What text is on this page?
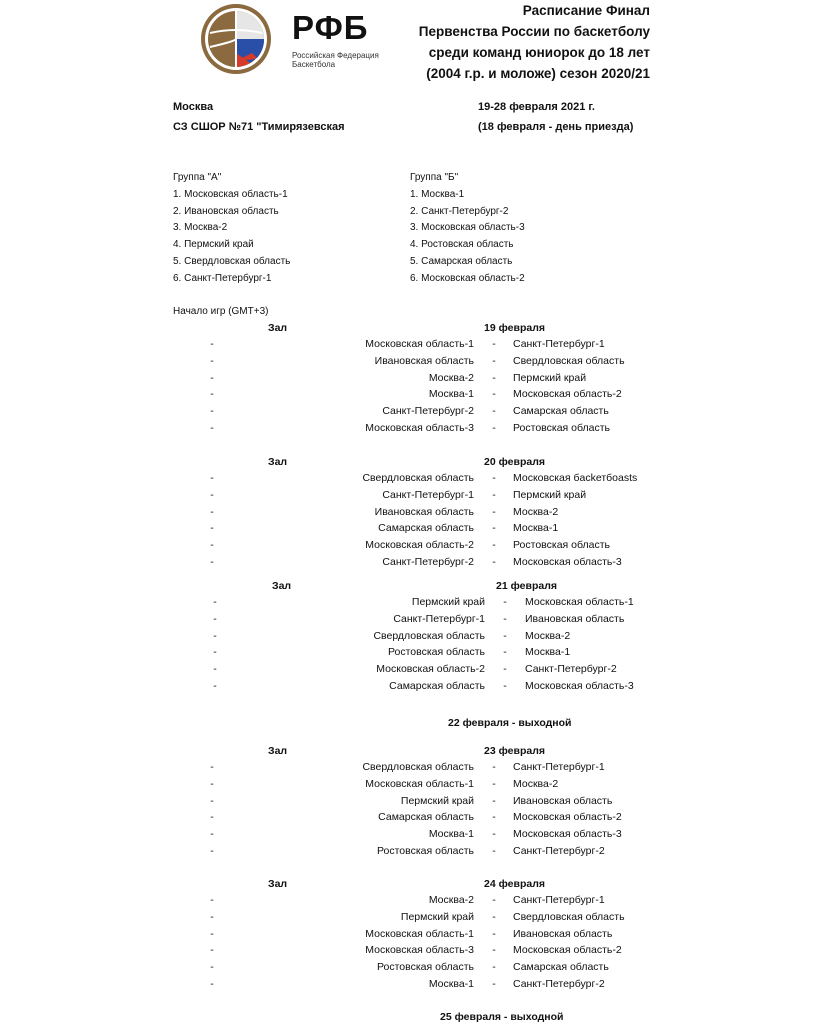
РФБ
Российская Федерация Баскетбола
Расписание Финал
Первенства России по баскетболу
среди команд юниорок до 18 лет
(2004 г.р. и моложе) сезон 2020/21
Москва
СЗ СШОР №71 "Тимирязевская
19-28 февраля 2021 г.
(18 февраля - день приезда)
Группа "А"
1. Московская область-1
2. Ивановская область
3. Москва-2
4. Пермский край
5. Свердловская область
6. Санкт-Петербург-1
Группа "Б"
1. Москва-1
2. Санкт-Петербург-2
3. Московская область-3
4. Ростовская область
5. Самарская область
6. Московская область-2
Начало игр (GMT+3)
Зал	19 февраля
-	Московская область-1	-	Санкт-Петербург-1
-	Ивановская область	-	Свердловская область
-	Москва-2	-	Пермский край
-	Москва-1	-	Московская область-2
-	Санкт-Петербург-2	-	Самарская область
-	Московская область-3	-	Ростовская область
Зал	20 февраля
-	Свердловская область	-	Московская бaсkетбоasts
-	Санкт-Петербург-1	-	Пермский край
-	Ивановская область	-	Москва-2
-	Самарская область	-	Москва-1
-	Московская область-2	-	Ростовская область
-	Санкт-Петербург-2	-	Московская область-3
Зал	21 февраля
-	Пермский край	-	Московская область-1
-	Санкт-Петербург-1	-	Ивановская область
-	Свердловская область	-	Москва-2
-	Ростовская область	-	Москва-1
-	Московская область-2	-	Санкт-Петербург-2
-	Самарская область	-	Московская область-3
Зал	23 февраля
-	Свердловская область	-	Санкт-Петербург-1
-	Московская область-1	-	Москва-2
-	Пермский край	-	Ивановская область
-	Самарская область	-	Московская область-2
-	Москва-1	-	Московская область-3
-	Ростовская область	-	Санкт-Петербург-2
Зал	24 февраля
-	Москва-2	-	Санкт-Петербург-1
-	Пермский край	-	Свердловская область
-	Московская область-1	-	Ивановская область
-	Московская область-3	-	Московская область-2
-	Ростовская область	-	Самарская область
-	Москва-1	-	Санкт-Петербург-2
22 февраля - выходной
25 февраля - выходной
